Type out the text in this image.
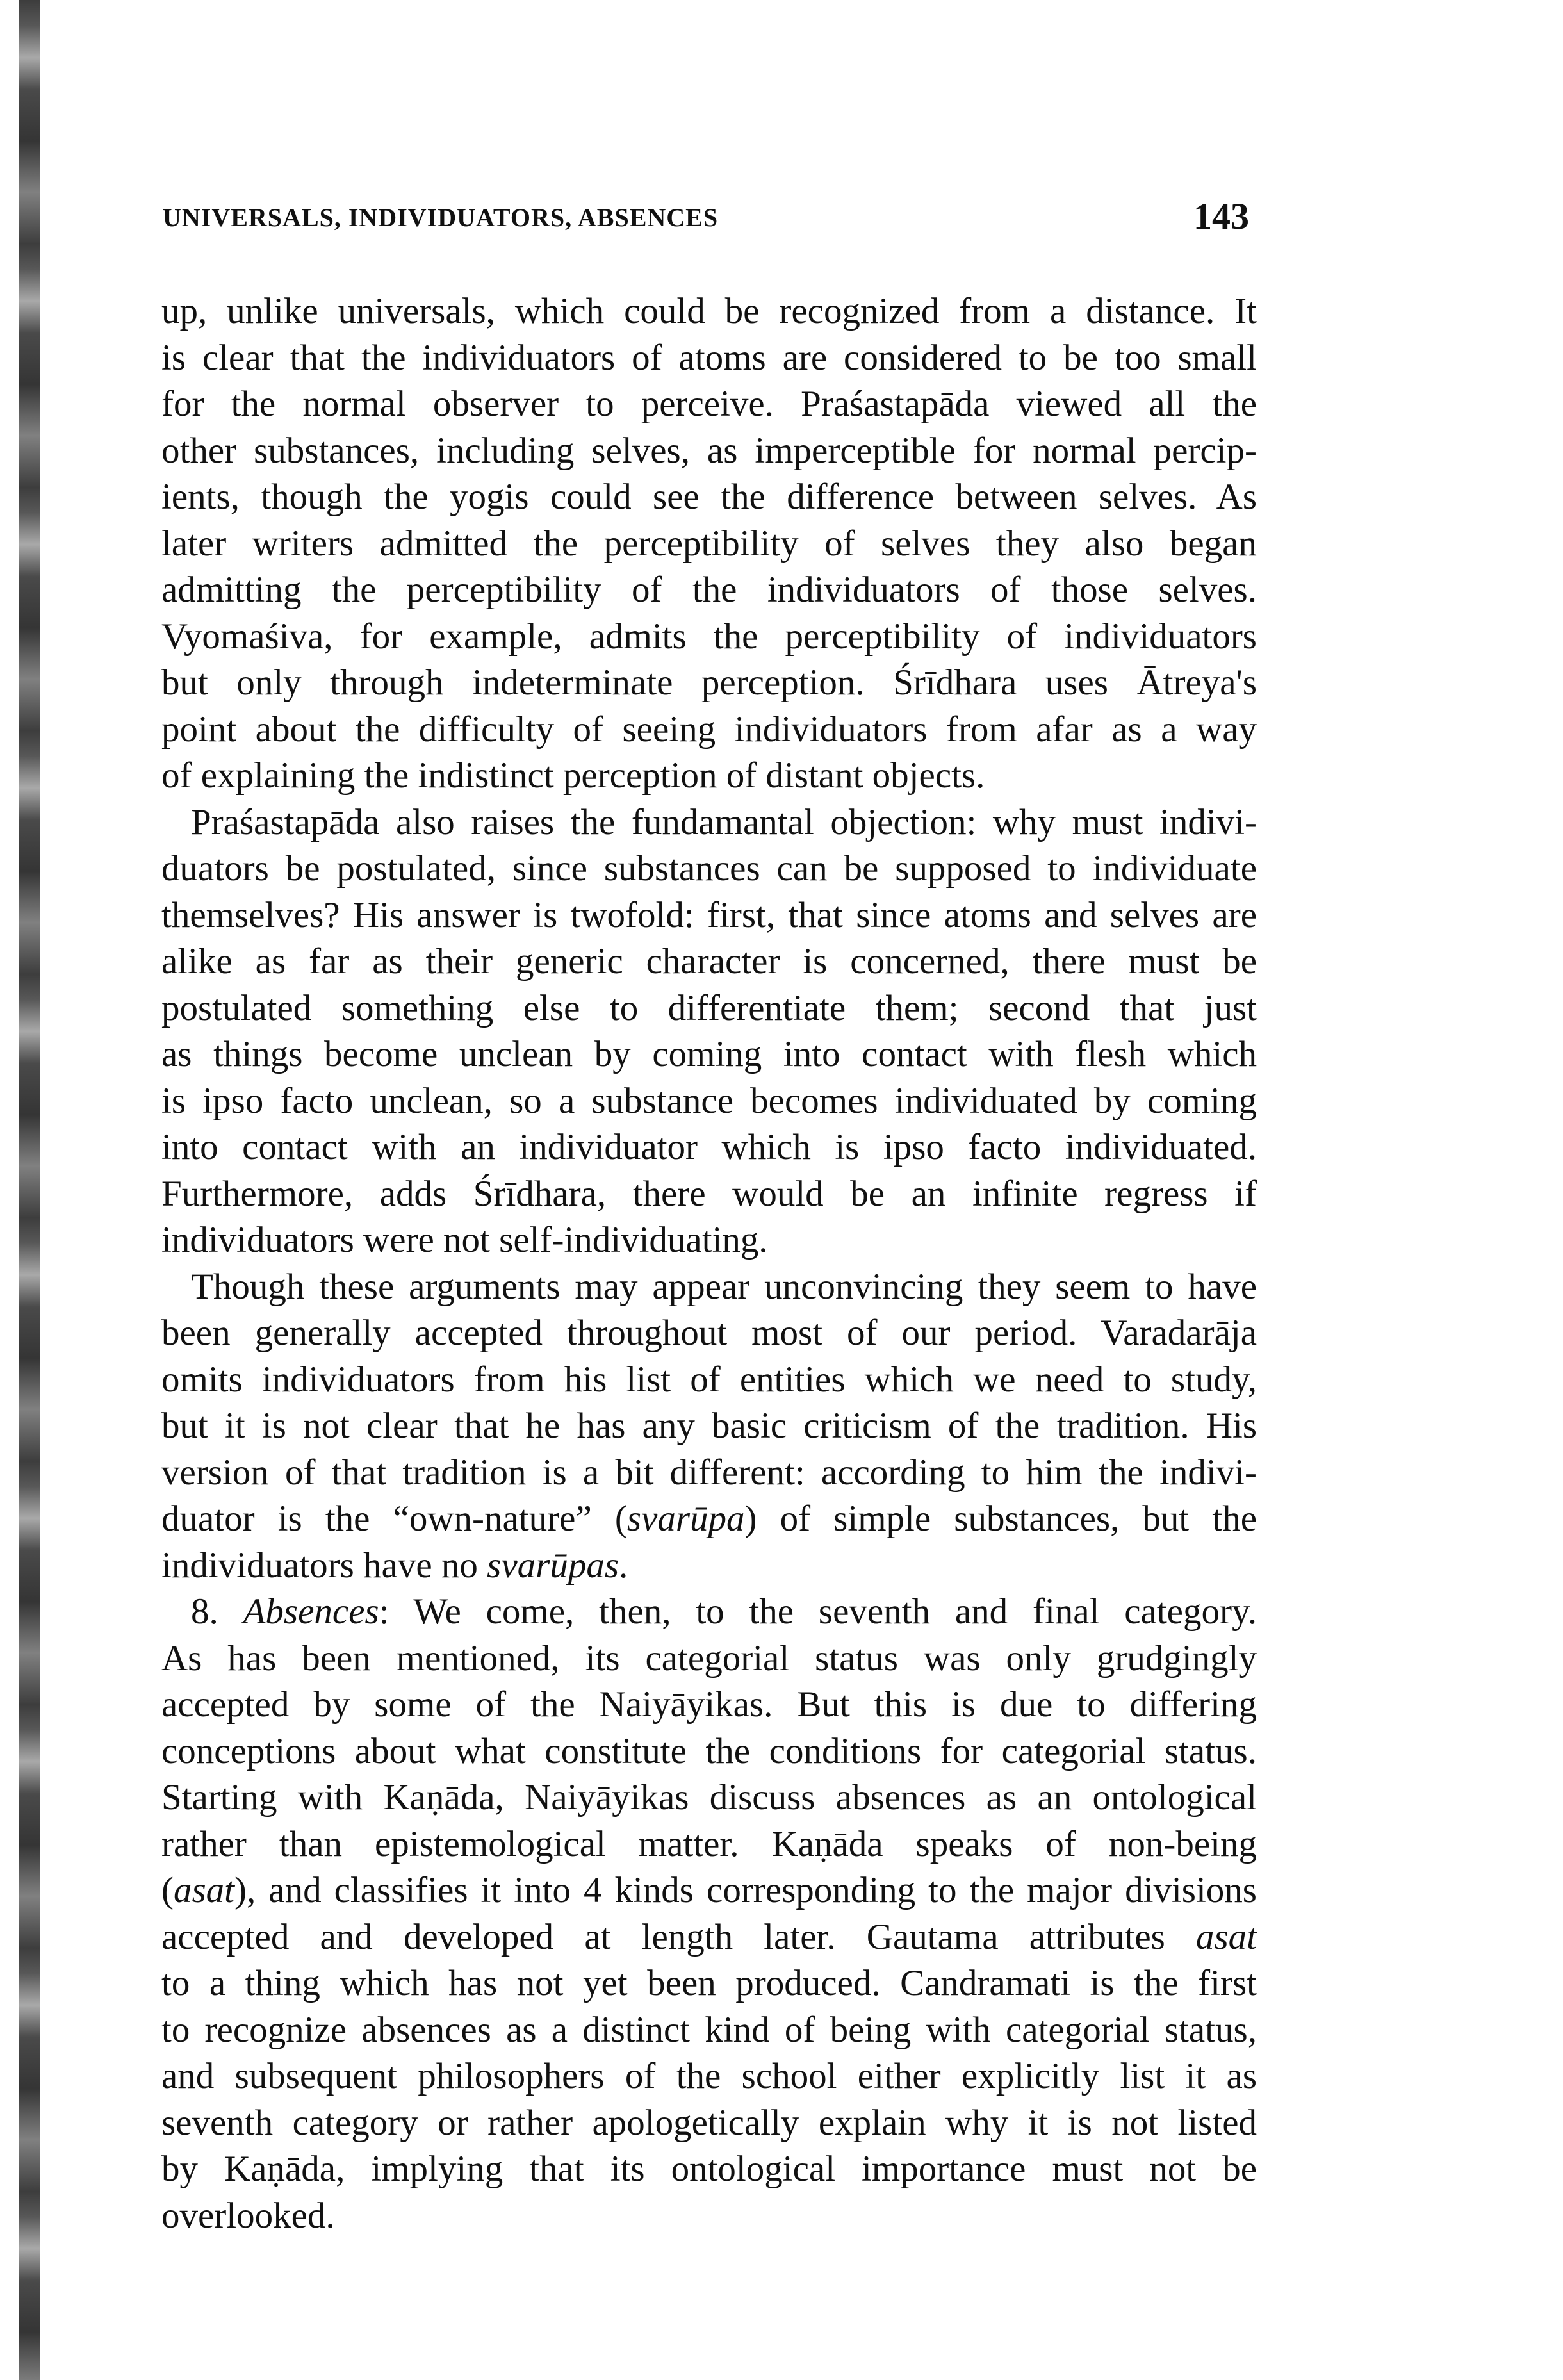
UNIVERSALS, INDIVIDUATORS, ABSENCES	143
up, unlike universals, which could be recognized from a distance. It
is clear that the individuators of atoms are considered to be too small
for the normal observer to perceive. Praśastapāda viewed all the
other substances, including selves, as imperceptible for normal percip-
ients, though the yogis could see the difference between selves. As
later writers admitted the perceptibility of selves they also began
admitting the perceptibility of the individuators of those selves.
Vyomaśiva, for example, admits the perceptibility of individuators
but only through indeterminate perception. Śrīdhara uses Ātreya's
point about the difficulty of seeing individuators from afar as a way
of explaining the indistinct perception of distant objects.
Praśastapāda also raises the fundamantal objection: why must indivi-
duators be postulated, since substances can be supposed to individuate
themselves? His answer is twofold: first, that since atoms and selves are
alike as far as their generic character is concerned, there must be
postulated something else to differentiate them; second that just
as things become unclean by coming into contact with flesh which
is ipso facto unclean, so a substance becomes individuated by coming
into contact with an individuator which is ipso facto individuated.
Furthermore, adds Śrīdhara, there would be an infinite regress if
individuators were not self-individuating.
Though these arguments may appear unconvincing they seem to have
been generally accepted throughout most of our period. Varadarāja
omits individuators from his list of entities which we need to study,
but it is not clear that he has any basic criticism of the tradition. His
version of that tradition is a bit different: according to him the indivi-
duator is the “own-nature” (svarūpa) of simple substances, but the
individuators have no svarūpas.
8. Absences: We come, then, to the seventh and final category.
As has been mentioned, its categorial status was only grudgingly
accepted by some of the Naiyāyikas. But this is due to differing
conceptions about what constitute the conditions for categorial status.
Starting with Kaṇāda, Naiyāyikas discuss absences as an ontological
rather than epistemological matter. Kaṇāda speaks of non-being
(asat), and classifies it into 4 kinds corresponding to the major divisions
accepted and developed at length later. Gautama attributes asat
to a thing which has not yet been produced. Candramati is the first
to recognize absences as a distinct kind of being with categorial status,
and subsequent philosophers of the school either explicitly list it as
seventh category or rather apologetically explain why it is not listed
by Kaṇāda, implying that its ontological importance must not be
overlooked.
